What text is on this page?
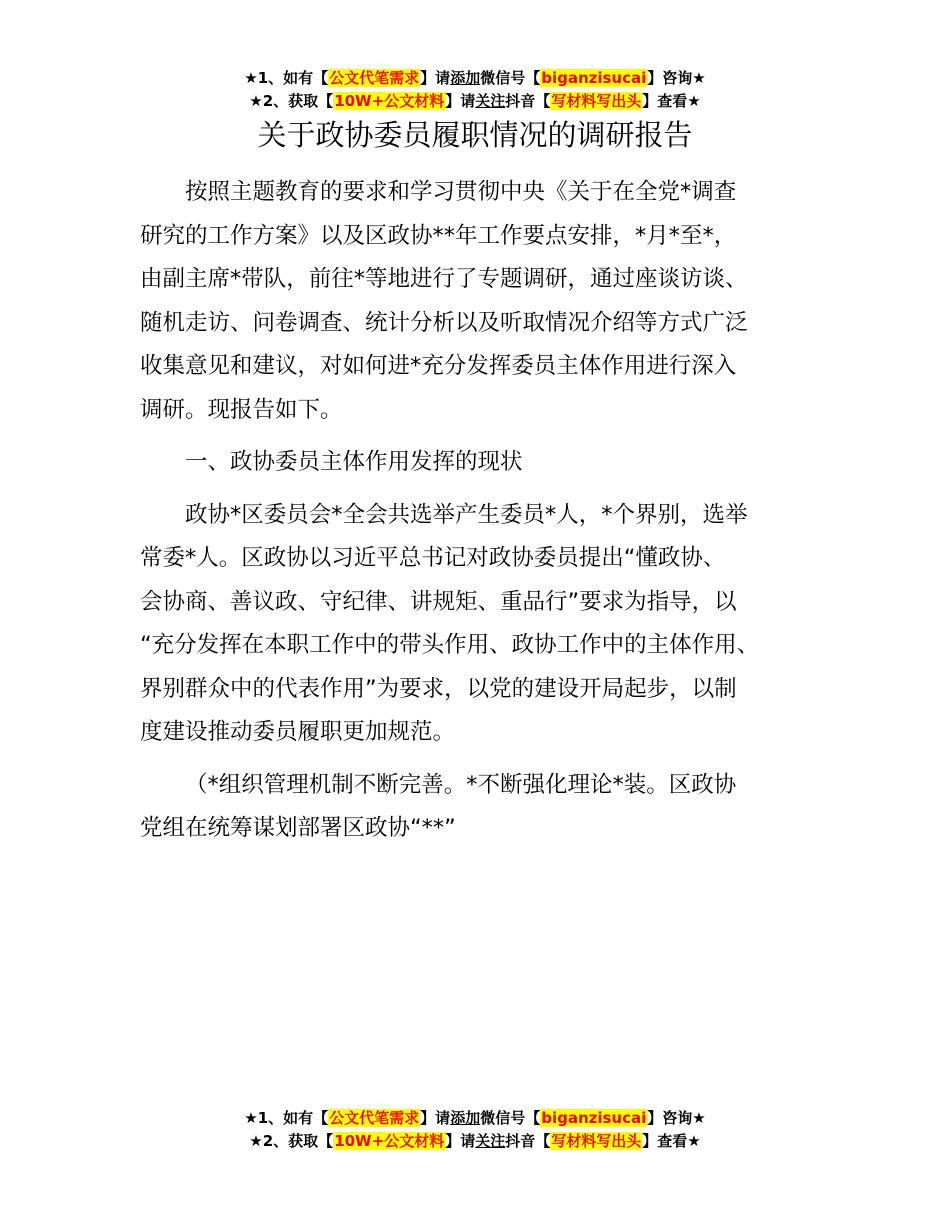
★1、如有【公文代笔需求】请添加微信号【biganzisucai】咨询★
★2、获取【10W+公文材料】请关注抖音【写材料写出头】查看★
关于政协委员履职情况的调研报告
按照主题教育的要求和学习贯彻中央《关于在全党*调查
研究的工作方案》以及区政协**年工作要点安排，*月*至*，
由副主席*带队，前往*等地进行了专题调研，通过座谈访谈、
随机走访、问卷调查、统计分析以及听取情况介绍等方式广泛
收集意见和建议，对如何进*充分发挥委员主体作用进行深入
调研。现报告如下。
一、政协委员主体作用发挥的现状
政协*区委员会*全会共选举产生委员*人，*个界别，选举
常委*人。区政协以习近平总书记对政协委员提出“懂政协、
会协商、善议政、守纪律、讲规矩、重品行”要求为指导，以
“充分发挥在本职工作中的带头作用、政协工作中的主体作用、
界别群众中的代表作用”为要求，以党的建设开局起步，以制
度建设推动委员履职更加规范。
（*组织管理机制不断完善。*不断强化理论*装。区政协
党组在统筹谋划部署区政协“**”
★1、如有【公文代笔需求】请添加微信号【biganzisucai】咨询★
★2、获取【10W+公文材料】请关注抖音【写材料写出头】查看★
